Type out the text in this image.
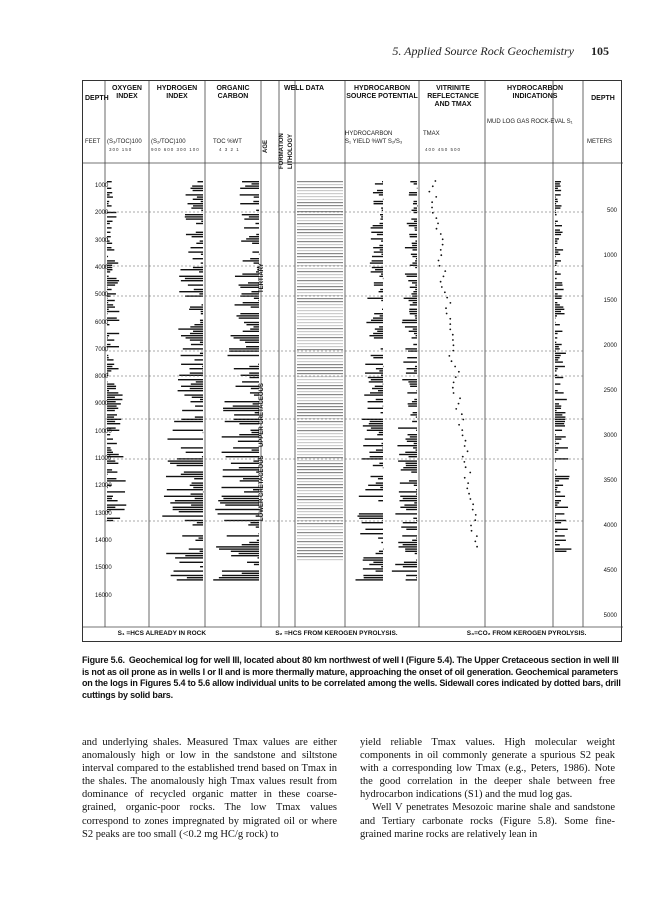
5. Applied Source Rock Geochemistry 105
DEPTH
OXYGEN INDEX
HYDROGEN INDEX
ORGANIC CARBON
WELL DATA	HYDROCARBON SOURCE POTENTIAL
VITRINITE REFLECTANCE AND TMAX
HYDROCARBON INDICATIONS	DEPTH
FEET (S₃/TOC)100 (S₂/TOC)100	TOC %WT
HYDROCARBON
S₁ YIELD %WT S₂/S₃
TMAX
MUD LOG GAS ROCK-EVAL S₁
METERS
300 150	900 600 300 100	4 3 2 1	400 450 500
AGE FORMATION LITHOLOGY
TERTIARY
UPPER CRETACEOUS
LOWER CRETACEOUS
S₁ =HCS ALREADY IN ROCK	S₂ =HCS FROM KEROGEN PYROLYSIS.	S₃=CO₂ FROM KEROGEN PYROLYSIS.
1000
2000
3000
4000
5000
6000
7000
8000
9000
10000
11000
12000
13000
14000
15000
16000
500
1000
1500
2000
2500
3000
3500
4000
4500
5000
Figure 5.6. Geochemical log for well III, located about 80 km northwest of well I (Figure 5.4). The Upper Cretaceous section in well III is not as oil prone as in wells I or II and is more thermally mature, approaching the onset of oil generation. Geochemical parameters on the logs in Figures 5.4 to 5.6 allow individual units to be correlated among the wells. Sidewall cores indicated by dotted bars, drill cuttings by solid bars.

and underlying shales. Measured Tmax values are either anomalously high or low in the sandstone and siltstone interval compared to the established trend based on Tmax in the shales. The anomalously high Tmax values result from dominance of recycled organic matter in these coarse-grained, organic-poor rocks. The low Tmax values correspond to zones impregnated by migrated oil or where S2 peaks are too small (<0.2 mg HC/g rock) to

yield reliable Tmax values. High molecular weight components in oil commonly generate a spurious S2 peak with a corresponding low Tmax (e.g., Peters, 1986). Note the good correlation in the deeper shale between free hydrocarbon indications (S1) and the mud log gas.

Well V penetrates Mesozoic marine shale and sandstone and Tertiary carbonate rocks (Figure 5.8). Some fine-grained marine rocks are relatively lean in
